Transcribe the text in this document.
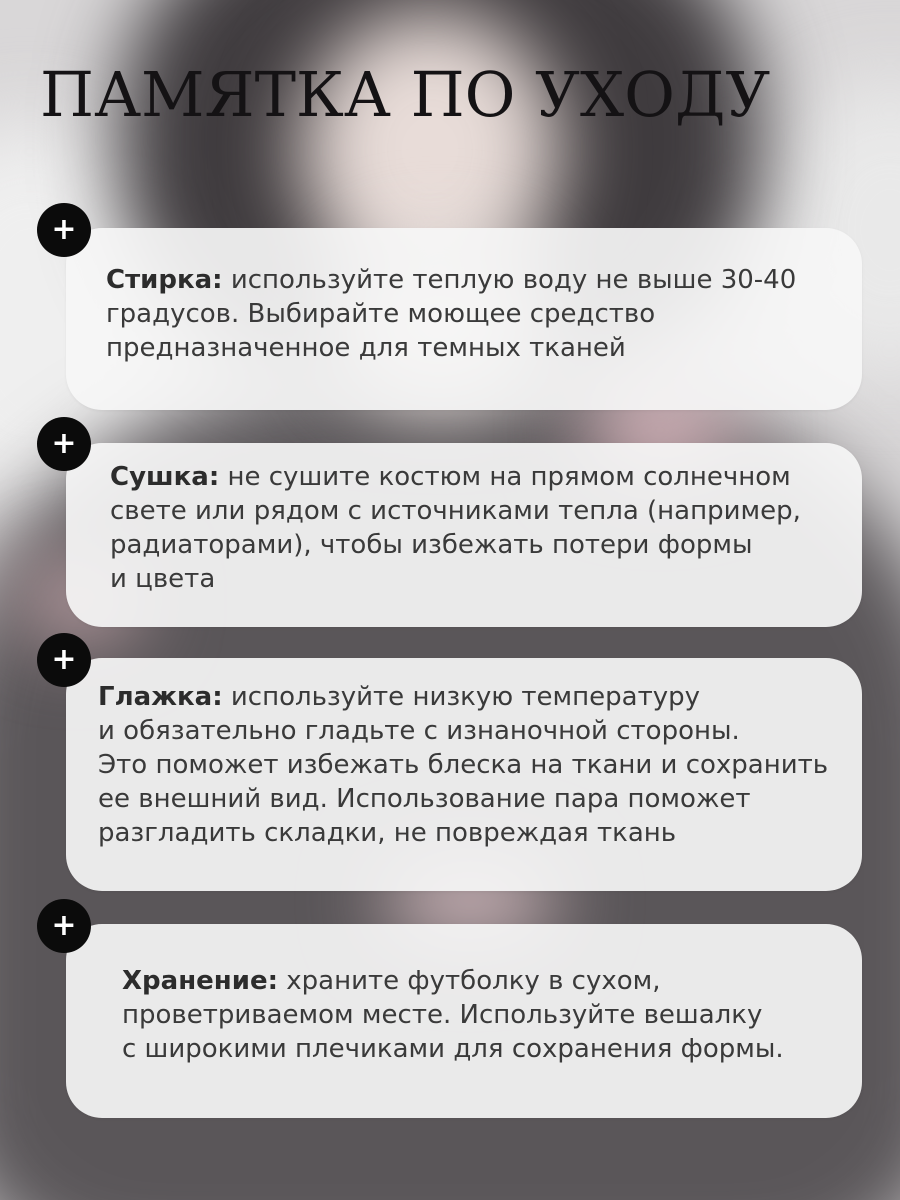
ПАМЯТКА ПО УХОДУ

Стирка: используйте теплую воду не выше 30-40
градусов. Выбирайте моющее средство
предназначенное для темных тканей

+

Сушка: не сушите костюм на прямом солнечном
свете или рядом с источниками тепла (например,
радиаторами), чтобы избежать потери формы
и цвета

+

Глажка: используйте низкую температуру
и обязательно гладьте с изнаночной стороны.
Это поможет избежать блеска на ткани и сохранить
ее внешний вид. Использование пара поможет
разгладить складки, не повреждая ткань

+

Хранение: храните футболку в сухом,
проветриваемом месте. Используйте вешалку
с широкими плечиками для сохранения формы.

+
